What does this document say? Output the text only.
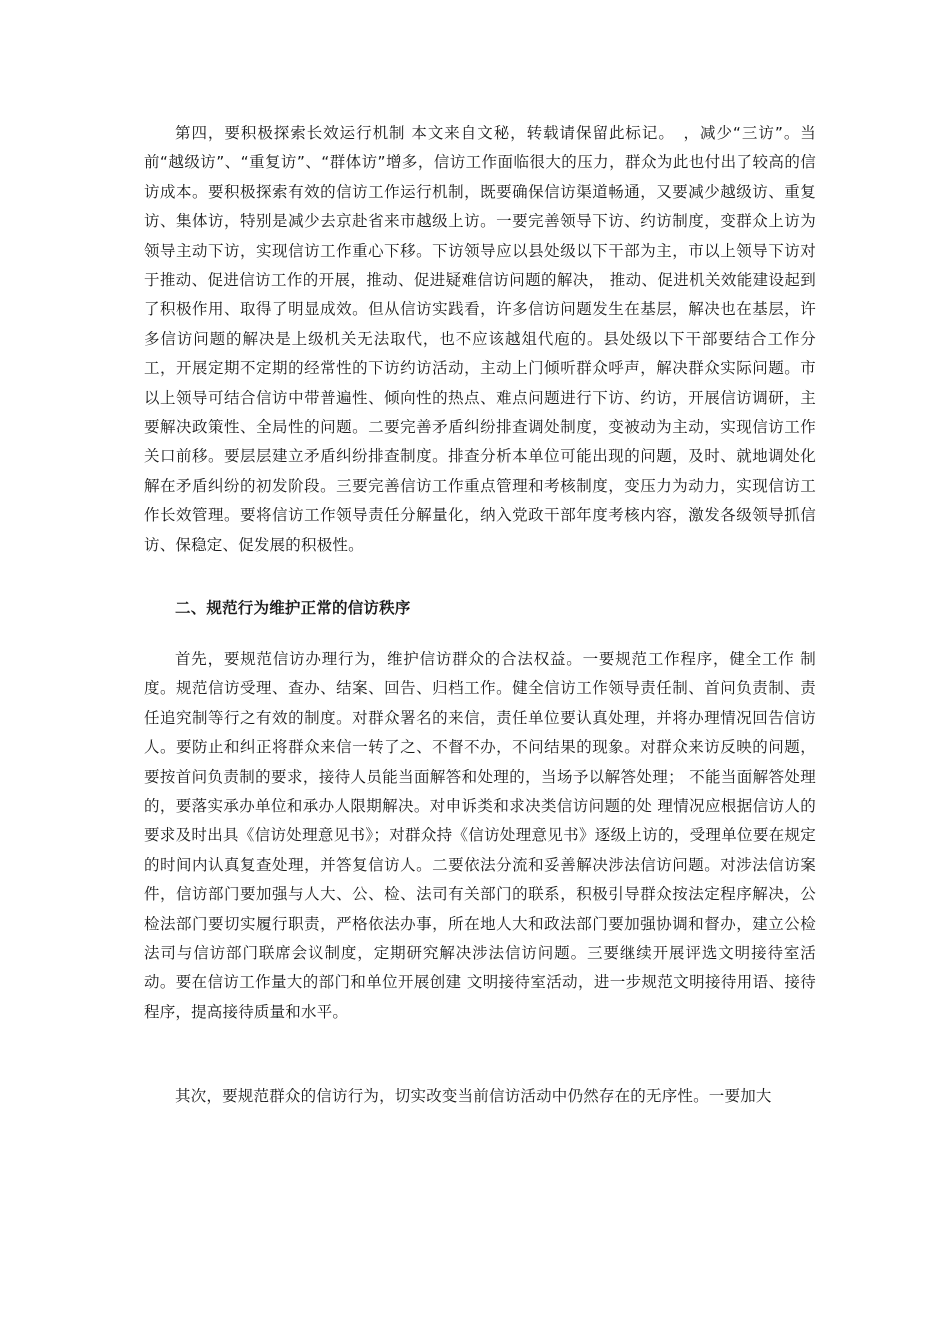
第四，要积极探索长效运行机制 本文来自文秘，转载请保留此标记。　，减少“三访”。当前“越级访”、“重复访”、“群体访”增多，信访工作面临很大的压力，群众为此也付出了较高的信访成本。要积极探索有效的信访工作运行机制，既要确保信访渠道畅通，又要减少越级访、重复访、集体访，特别是减少去京赴省来市越级上访。一要完善领导下访、约访制度，变群众上访为领导主动下访，实现信访工作重心下移。下访领导应以县处级以下干部为主，市以上领导下访对于推动、促进信访工作的开展，推动、促进疑难信访问题的解决， 推动、促进机关效能建设起到了积极作用、取得了明显成效。但从信访实践看，许多信访问题发生在基层，解决也在基层，许多信访问题的解决是上级机关无法取代，也不应该越俎代庖的。县处级以下干部要结合工作分工，开展定期不定期的经常性的下访约访活动，主动上门倾听群众呼声，解决群众实际问题。市以上领导可结合信访中带普遍性、倾向性的热点、难点问题进行下访、约访，开展信访调研，主要解决政策性、全局性的问题。二要完善矛盾纠纷排查调处制度，变被动为主动，实现信访工作关口前移。要层层建立矛盾纠纷排查制度。排查分析本单位可能出现的问题，及时、就地调处化解在矛盾纠纷的初发阶段。三要完善信访工作重点管理和考核制度，变压力为动力，实现信访工作长效管理。要将信访工作领导责任分解量化，纳入党政干部年度考核内容，激发各级领导抓信访、保稳定、促发展的积极性。

二、规范行为维护正常的信访秩序

首先，要规范信访办理行为，维护信访群众的合法权益。一要规范工作程序，健全工作 制度。规范信访受理、查办、结案、回告、归档工作。健全信访工作领导责任制、首问负责制、责任追究制等行之有效的制度。对群众署名的来信，责任单位要认真处理，并将办理情况回告信访人。要防止和纠正将群众来信一转了之、不督不办，不问结果的现象。对群众来访反映的问题，要按首问负责制的要求，接待人员能当面解答和处理的，当场予以解答处理； 不能当面解答处理的，要落实承办单位和承办人限期解决。对申诉类和求决类信访问题的处 理情况应根据信访人的要求及时出具《信访处理意见书》；对群众持《信访处理意见书》逐级上访的，受理单位要在规定的时间内认真复查处理，并答复信访人。二要依法分流和妥善解决涉法信访问题。对涉法信访案件，信访部门要加强与人大、公、检、法司有关部门的联系，积极引导群众按法定程序解决，公检法部门要切实履行职责，严格依法办事，所在地人大和政法部门要加强协调和督办，建立公检法司与信访部门联席会议制度，定期研究解决涉法信访问题。三要继续开展评选文明接待室活动。要在信访工作量大的部门和单位开展创建 文明接待室活动，进一步规范文明接待用语、接待程序，提高接待质量和水平。

其次，要规范群众的信访行为，切实改变当前信访活动中仍然存在的无序性。一要加大
